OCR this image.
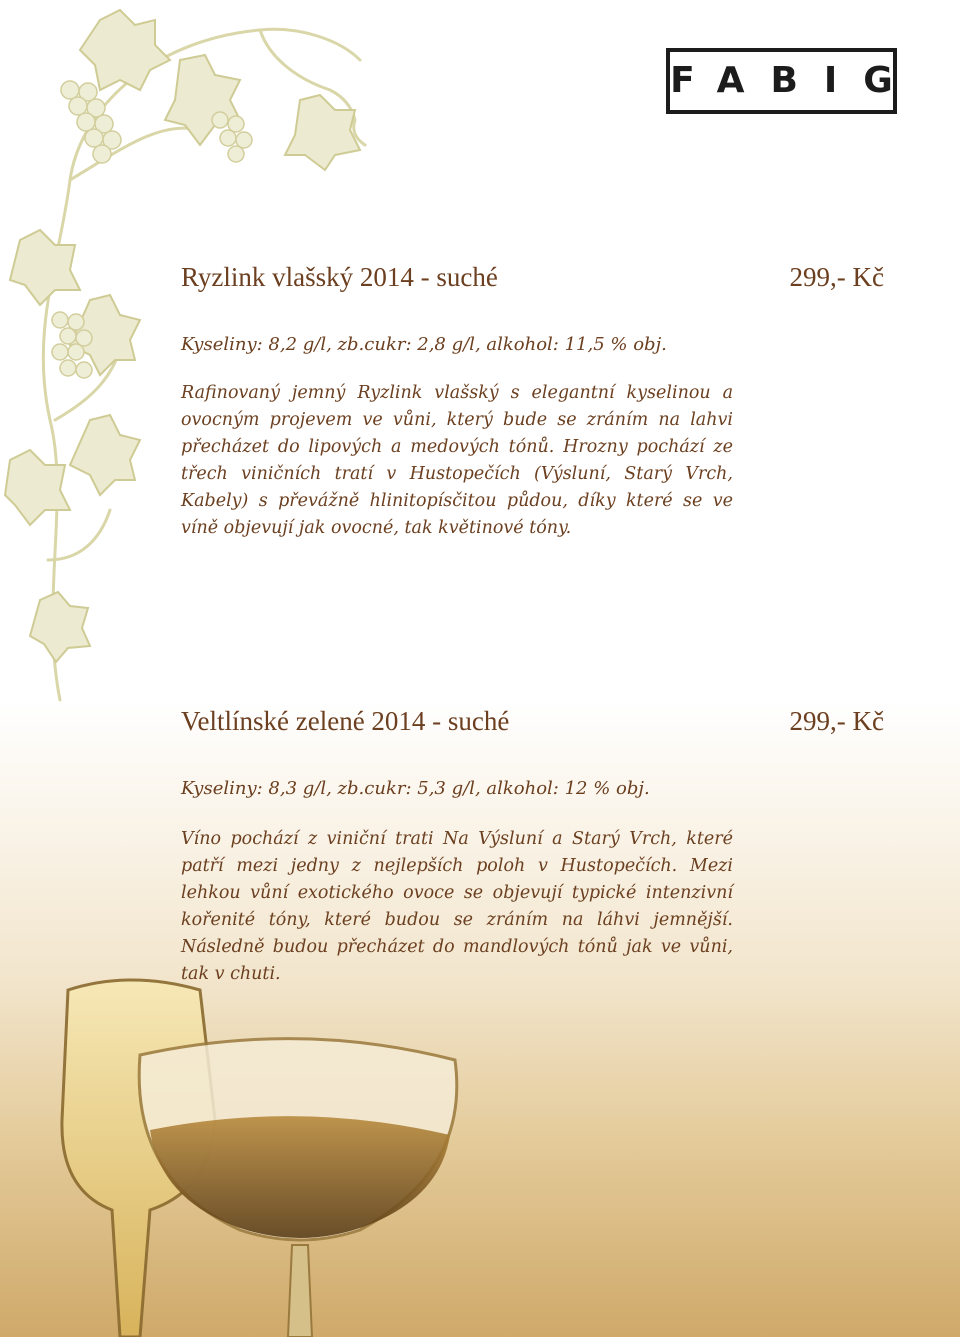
FABIG
Ryzlink vlašský 2014 - suché	299,- Kč
Kyseliny: 8,2 g/l, zb.cukr: 2,8 g/l, alkohol: 11,5 % obj.

Rafinovaný jemný Ryzlink vlašský s elegantní kyselinou a ovocným projevem ve vůni, který bude se zráním na lahvi přecházet do lipových a medových tónů. Hrozny pochází ze třech viničních tratí v Hustopečích (Výsluní, Starý Vrch, Kabely) s převážně hlinitopísčitou půdou, díky které se ve víně objevují jak ovocné, tak květinové tóny.

Veltlínské zelené 2014 - suché	299,- Kč
Kyseliny: 8,3 g/l, zb.cukr: 5,3 g/l, alkohol: 12 % obj.

Víno pochází z viniční trati Na Výsluní a Starý Vrch, které patří mezi jedny z nejlepších poloh v Hustopečích. Mezi lehkou vůní exotického ovoce se objevují typické intenzivní kořenité tóny, které budou se zráním na láhvi jemnější. Následně budou přecházet do mandlových tónů jak ve vůni, tak v chuti.
